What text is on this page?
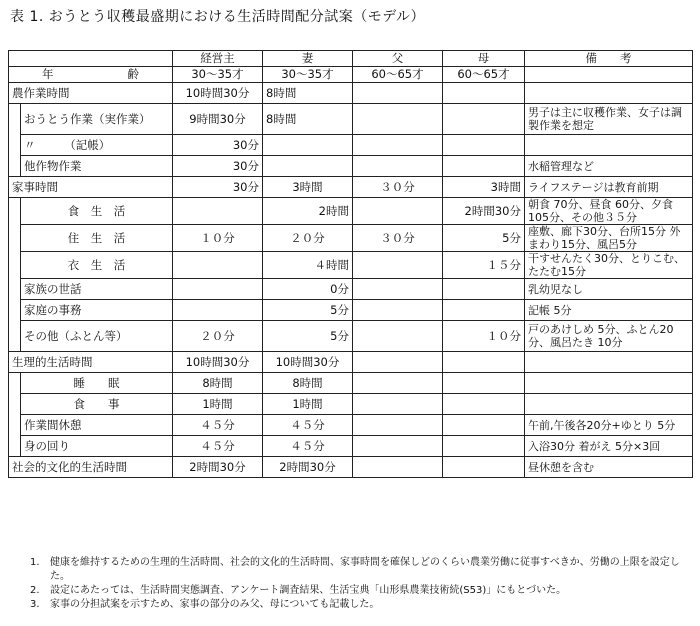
表 1. おうとう収穫最盛期における生活時間配分試案（モデル）
		経営主	妻	父	母	備　　考

年 齢		30〜35才	30〜35才	60〜65才	60〜65才	
農作業時間		10時間30分	8時間			
	おうとう作業（実作業）	9時間30分	8時間			男子は主に収穫作業、女子は調製作業を想定
	〃　　　（記帳）	30分				
	他作物作業	30分				水稲管理など
家事時間		30分	3時間	３０分	3時間	ライフステージは教育前期
	食　生　活		2時間		2時間30分	朝食 70分、昼食 60分、夕食105分、その他３５分
	住　生　活	１０分	２０分	３０分	5分	座敷、廊下30分、台所15分 外まわり15分、風呂5分
	衣　生　活		４時間		１５分	干すせんたく30分、とりこむ、たたむ15分
	家族の世話		0分			乳幼児なし
	家庭の事務		5分			記帳 5分
	その他（ふとん等）	２０分	5分		１０分	戸のあけしめ 5分、ふとん20分、風呂たき 10分
生理的生活時間		10時間30分	10時間30分			
	睡　　眠	8時間	8時間			
	食　　事	1時間	1時間			
	作業間休憩	４５分	４５分			午前,午後各20分+ゆとり 5分
	身の回り	４５分	４５分			入浴30分 着がえ 5分×3回
社会的文化的生活時間		2時間30分	2時間30分			昼休憩を含む
1.	健康を維持するための生理的生活時間、社会的文化的生活時間、家事時間を確保しどのくらい農業労働に従事すべきか、労働の上限を設定した。
2.	設定にあたっては、生活時間実態調査、アンケート調査結果、生活宝典「山形県農業技術続(S53)」にもとづいた。
3.	家事の分担試案を示すため、家事の部分のみ父、母についても記載した。
